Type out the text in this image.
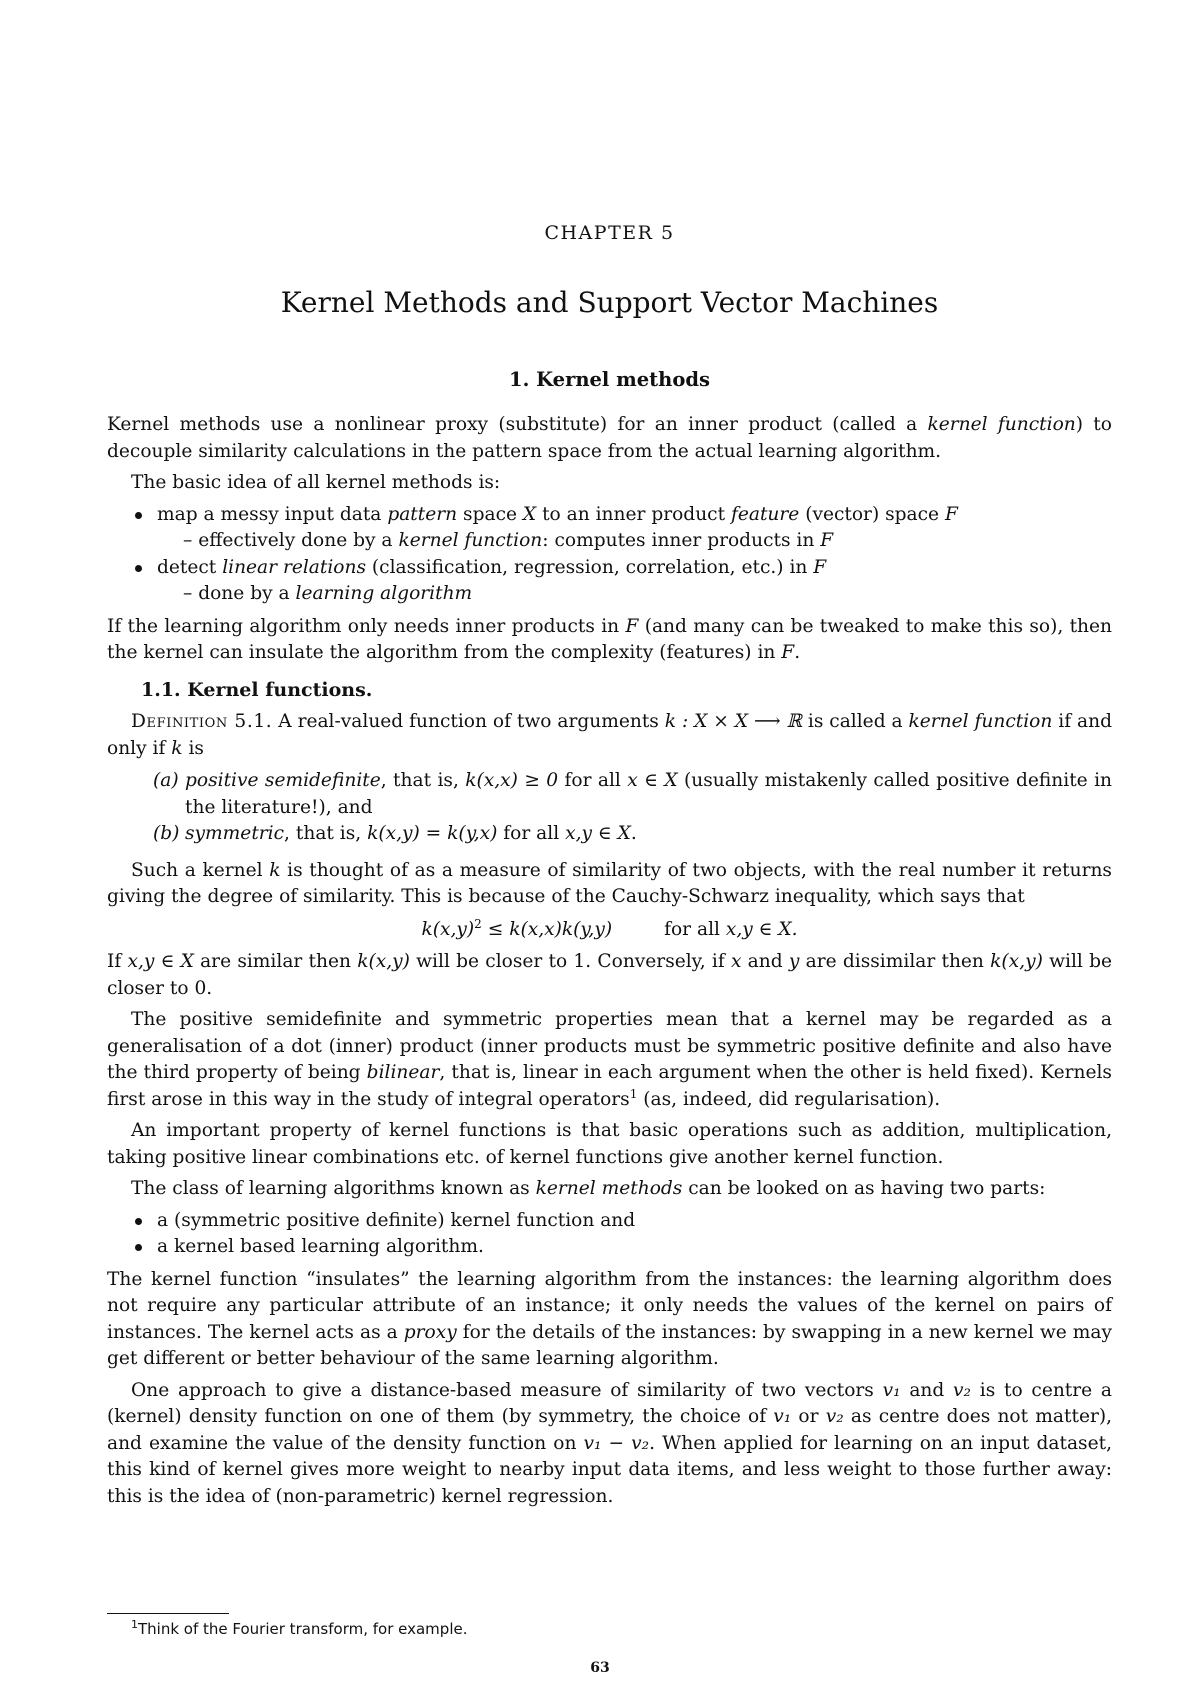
CHAPTER 5
Kernel Methods and Support Vector Machines
1. Kernel methods

Kernel methods use a nonlinear proxy (substitute) for an inner product (called a kernel function) to decouple similarity calculations in the pattern space from the actual learning algorithm.

The basic idea of all kernel methods is:

map a messy input data pattern space X to an inner product feature (vector) space F
– effectively done by a kernel function: computes inner products in F
detect linear relations (classification, regression, correlation, etc.) in F
– done by a learning algorithm

If the learning algorithm only needs inner products in F (and many can be tweaked to make this so), then the kernel can insulate the algorithm from the complexity (features) in F.

1.1. Kernel functions.

Definition 5.1. A real-valued function of two arguments k : X × X ⟶ ℝ is called a kernel function if and only if k is

(a) positive semidefinite, that is, k(x,x) ≥ 0 for all x ∈ X (usually mistakenly called positive definite in the literature!), and
(b) symmetric, that is, k(x,y) = k(y,x) for all x,y ∈ X.

Such a kernel k is thought of as a measure of similarity of two objects, with the real number it returns giving the degree of similarity. This is because of the Cauchy-Schwarz inequality, which says that

$k(x,y)^2 \le k(x,x)k(y,y)$	for all x,y ∈ X.

If x,y ∈ X are similar then k(x,y) will be closer to 1. Conversely, if x and y are dissimilar then k(x,y) will be closer to 0.

The positive semidefinite and symmetric properties mean that a kernel may be regarded as a generalisation of a dot (inner) product (inner products must be symmetric positive definite and also have the third property of being bilinear, that is, linear in each argument when the other is held fixed). Kernels first arose in this way in the study of integral operators$^1$ (as, indeed, did regularisation).

An important property of kernel functions is that basic operations such as addition, multiplication, taking positive linear combinations etc. of kernel functions give another kernel function.

The class of learning algorithms known as kernel methods can be looked on as having two parts:

a (symmetric positive definite) kernel function and
a kernel based learning algorithm.

The kernel function “insulates” the learning algorithm from the instances: the learning algorithm does not require any particular attribute of an instance; it only needs the values of the kernel on pairs of instances. The kernel acts as a proxy for the details of the instances: by swapping in a new kernel we may get different or better behaviour of the same learning algorithm.

One approach to give a distance-based measure of similarity of two vectors v₁ and v₂ is to centre a (kernel) density function on one of them (by symmetry, the choice of v₁ or v₂ as centre does not matter), and examine the value of the density function on v₁ − v₂. When applied for learning on an input dataset, this kind of kernel gives more weight to nearby input data items, and less weight to those further away: this is the idea of (non-parametric) kernel regression.

$^1$Think of the Fourier transform, for example.
63
